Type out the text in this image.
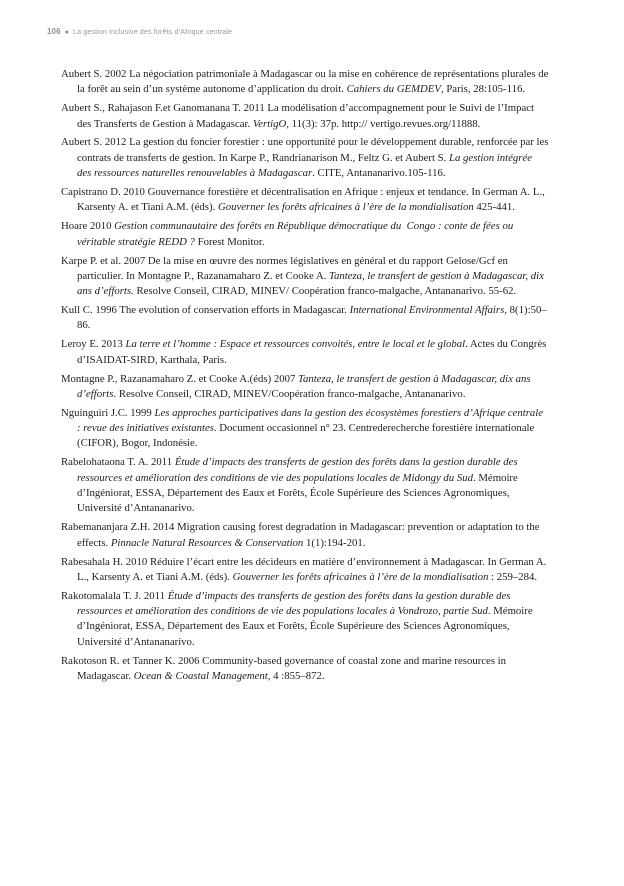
106 ● La gestion inclusive des forêts d’Afrique centrale

Aubert S. 2002 La négociation patrimoniale à Madagascar ou la mise en cohérence de représentations plurales de la forêt au sein d’un système autonome d’application du droit. Cahiers du GEMDEV, Paris, 28:105-116.

Aubert S., Rahajason F.et Ganomanana T. 2011 La modélisation d’accompagnement pour le Suivi de l’Impact des Transferts de Gestion à Madagascar. VertigO, 11(3): 37p. http:// vertigo.revues.org/11888.

Aubert S. 2012 La gestion du foncier forestier : une opportunité pour le développement durable, renforcée par les contrats de transferts de gestion. In Karpe P., Randrianarison M., Feltz G. et Aubert S. La gestion intégrée des ressources naturelles renouvelables à Madagascar. CITE, Antananarivo.105-116.

Capistrano D. 2010 Gouvernance forestière et décentralisation en Afrique : enjeux et tendance. In German A. L., Karsenty A. et Tiani A.M. (éds). Gouverner les forêts africaines à l’ère de la mondialisation 425-441.

Hoare 2010 Gestion communautaire des forêts en République démocratique du  Congo : conte de fées ou véritable stratégie REDD ? Forest Monitor.

Karpe P. et al. 2007 De la mise en œuvre des normes législatives en général et du rapport Gelose/Gcf en particulier. In Montagne P., Razanamaharo Z. et Cooke A. Tanteza, le transfert de gestion à Madagascar, dix ans d’efforts. Resolve Conseil, CIRAD, MINEV/ Coopération franco-malgache, Antananarivo. 55-62.

Kull C. 1996 The evolution of conservation efforts in Madagascar. International Environmental Affairs, 8(1):50–86.

Leroy E. 2013 La terre et l’homme : Espace et ressources convoités, entre le local et le global. Actes du Congrès d’ISAIDAT-SIRD, Karthala, Paris.

Montagne P., Razanamaharo Z. et Cooke A.(éds) 2007 Tanteza, le transfert de gestion à Madagascar, dix ans d’efforts. Resolve Conseil, CIRAD, MINEV/Coopération franco-malgache, Antananarivo.

Nguinguiri J.C. 1999 Les approches participatives dans la gestion des écosystèmes forestiers d’Afrique centrale : revue des initiatives existantes. Document occasionnel n° 23. Centrederecherche forestière internationale (CIFOR), Bogor, Indonésie.

Rabelohataona T. A. 2011 Étude d’impacts des transferts de gestion des forêts dans la gestion durable des ressources et amélioration des conditions de vie des populations locales de Midongy du Sud. Mémoire d’Ingéniorat, ESSA, Département des Eaux et Forêts, École Supérieure des Sciences Agronomiques, Université d’Antananarivo.

Rabemananjara Z.H. 2014 Migration causing forest degradation in Madagascar: prevention or adaptation to the effects. Pinnacle Natural Resources & Conservation 1(1):194-201.

Rabesahala H. 2010 Réduire l’écart entre les décideurs en matière d’environnement à Madagascar. In German A. L., Karsenty A. et Tiani A.M. (éds). Gouverner les forêts africaines à l’ère de la mondialisation : 259–284.

Rakotomalala T. J. 2011 Étude d’impacts des transferts de gestion des forêts dans la gestion durable des ressources et amélioration des conditions de vie des populations locales à Vondrozo, partie Sud. Mémoire d’Ingéniorat, ESSA, Département des Eaux et Forêts, École Supérieure des Sciences Agronomiques, Université d’Antananarivo.

Rakotoson R. et Tanner K. 2006 Community-based governance of coastal zone and marine resources in Madagascar. Ocean & Coastal Management, 4 :855–872.
